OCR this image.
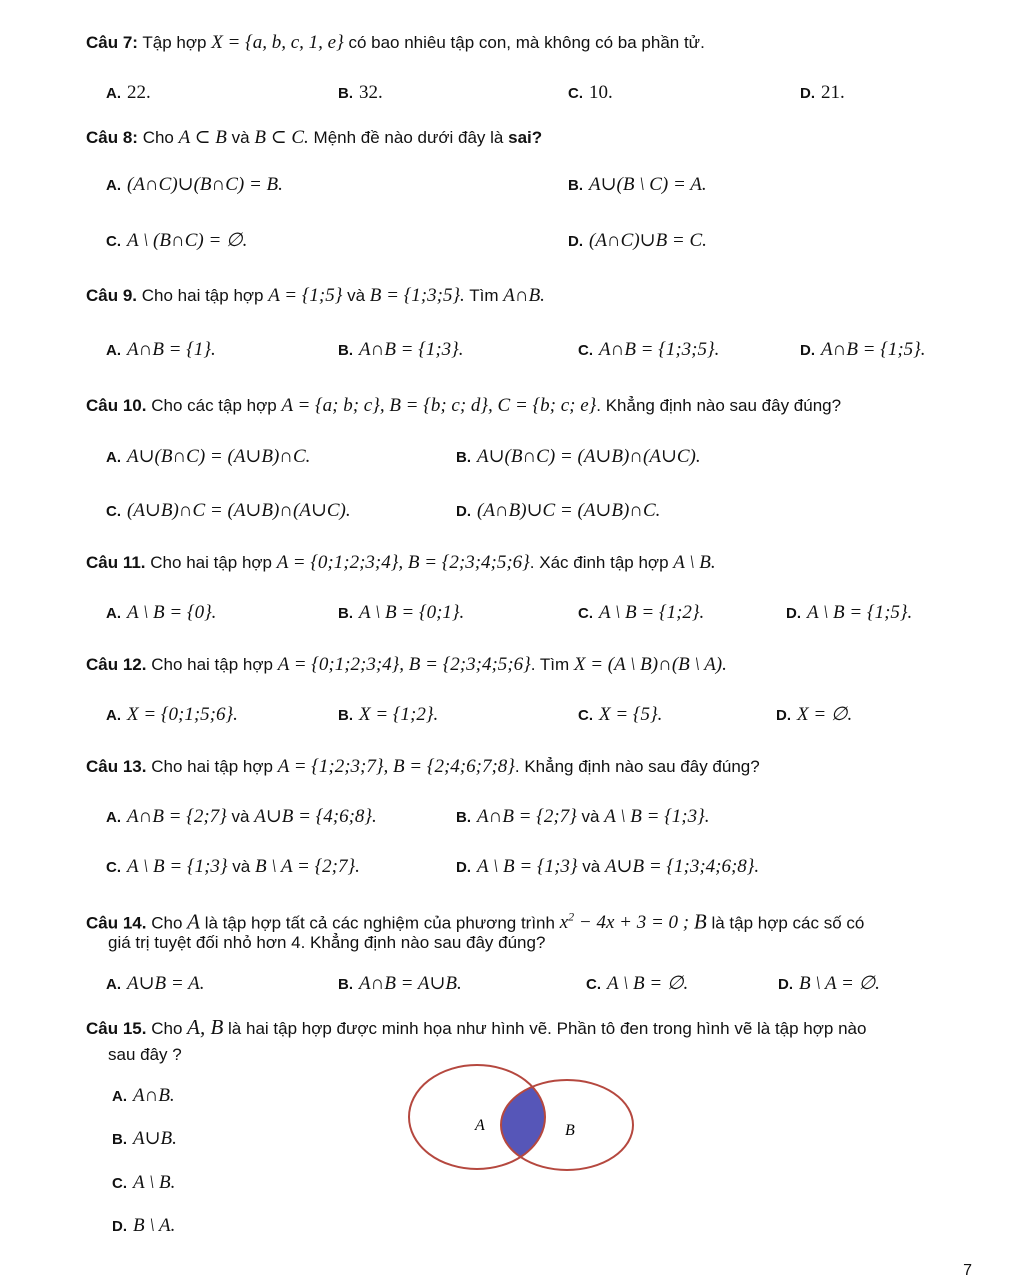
Câu 7: Tập hợp X = {a, b, c, 1, e} có bao nhiêu tập con, mà không có ba phần tử.
A. 22.	B. 32.	C. 10.	D. 21.
Câu 8: Cho A ⊂ B và B ⊂ C. Mệnh đề nào dưới đây là sai?
A. (A∩C)∪(B∩C) = B.	B. A∪(B \ C) = A.
C. A \ (B∩C) = ∅.	D. (A∩C)∪B = C.
Câu 9. Cho hai tập hợp A = {1;5} và B = {1;3;5}. Tìm A∩B.
A. A∩B = {1}.	B. A∩B = {1;3}.	C. A∩B = {1;3;5}.	D. A∩B = {1;5}.
Câu 10. Cho các tập hợp A = {a; b; c}, B = {b; c; d}, C = {b; c; e}. Khẳng định nào sau đây đúng?
A. A∪(B∩C) = (A∪B)∩C.	B. A∪(B∩C) = (A∪B)∩(A∪C).
C. (A∪B)∩C = (A∪B)∩(A∪C).	D. (A∩B)∪C = (A∪B)∩C.
Câu 11. Cho hai tập hợp A = {0;1;2;3;4}, B = {2;3;4;5;6}. Xác đinh tập hợp A \ B.
A. A \ B = {0}.	B. A \ B = {0;1}.	C. A \ B = {1;2}.	D. A \ B = {1;5}.
Câu 12. Cho hai tập hợp A = {0;1;2;3;4}, B = {2;3;4;5;6}. Tìm X = (A \ B)∩(B \ A).
A. X = {0;1;5;6}.	B. X = {1;2}.	C. X = {5}.	D. X = ∅.
Câu 13. Cho hai tập hợp A = {1;2;3;7}, B = {2;4;6;7;8}. Khẳng định nào sau đây đúng?
A. A∩B = {2;7} và A∪B = {4;6;8}.	B. A∩B = {2;7} và A \ B = {1;3}.
C. A \ B = {1;3} và B \ A = {2;7}.	D. A \ B = {1;3} và A∪B = {1;3;4;6;8}.
Câu 14. Cho A là tập hợp tất cả các nghiệm của phương trình $x^2 - 4x + 3 = 0$ ; B là tập hợp các số có
giá trị tuyệt đối nhỏ hơn 4. Khẳng định nào sau đây đúng?
A. A∪B = A.	B. A∩B = A∪B.	C. A \ B = ∅.	D. B \ A = ∅.
Câu 15. Cho A, B là hai tập hợp được minh họa như hình vẽ. Phần tô đen trong hình vẽ là tập hợp nào
sau đây ?
A. A∩B.
B. A∪B.
C. A \ B.
D. B \ A.
A	B
7
